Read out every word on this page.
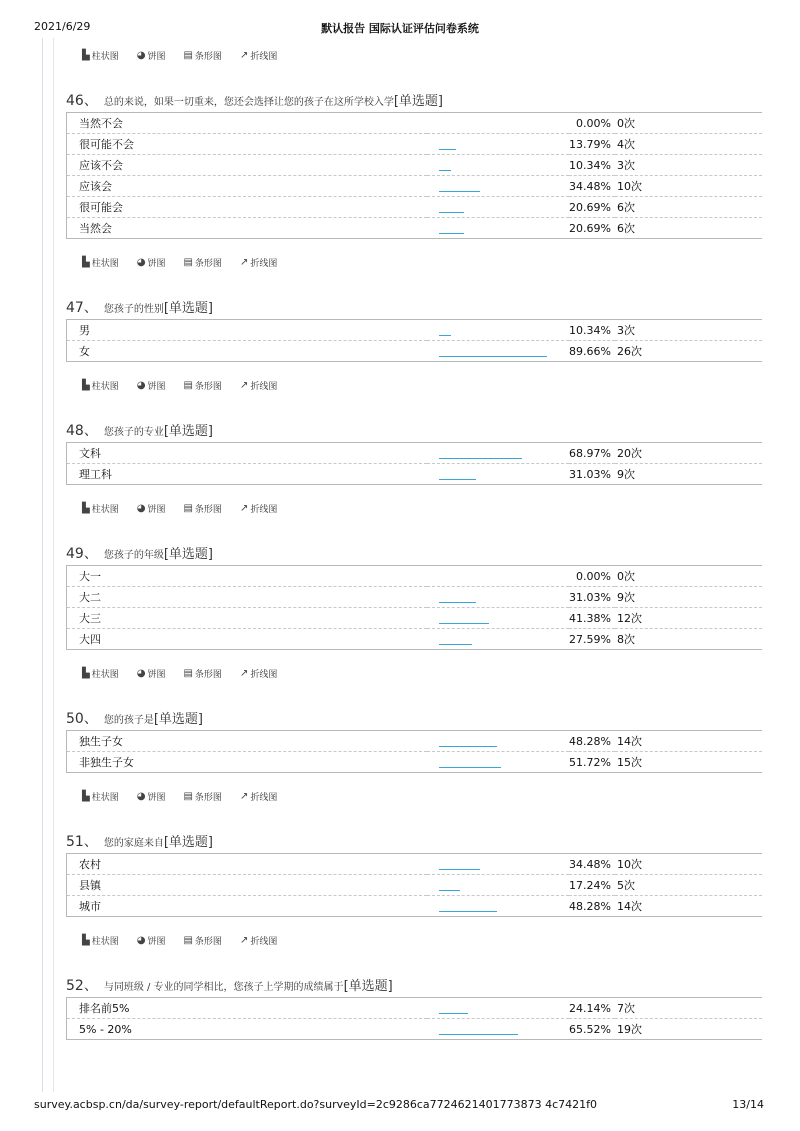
2021/6/29	默认报告 国际认证评估问卷系统
▙ 柱状图 ◕ 饼图 ▤ 条形图 ↗ 折线图
46、 总的来说，如果一切重来，您还会选择让您的孩子在这所学校入学 [单选题]
当然不会		0.00%	0次
很可能不会		13.79%	4次
应该不会		10.34%	3次
应该会		34.48%	10次
很可能会		20.69%	6次
当然会		20.69%	6次
▙ 柱状图 ◕ 饼图 ▤ 条形图 ↗ 折线图
47、 您孩子的性别 [单选题]
男		10.34%	3次
女		89.66%	26次
▙ 柱状图 ◕ 饼图 ▤ 条形图 ↗ 折线图
48、 您孩子的专业 [单选题]
文科		68.97%	20次
理工科		31.03%	9次
▙ 柱状图 ◕ 饼图 ▤ 条形图 ↗ 折线图
49、 您孩子的年级 [单选题]
大一		0.00%	0次
大二		31.03%	9次
大三		41.38%	12次
大四		27.59%	8次
▙ 柱状图 ◕ 饼图 ▤ 条形图 ↗ 折线图
50、 您的孩子是 [单选题]
独生子女		48.28%	14次
非独生子女		51.72%	15次
▙ 柱状图 ◕ 饼图 ▤ 条形图 ↗ 折线图
51、 您的家庭来自 [单选题]
农村		34.48%	10次
县镇		17.24%	5次
城市		48.28%	14次
▙ 柱状图 ◕ 饼图 ▤ 条形图 ↗ 折线图
52、 与同班级 / 专业的同学相比，您孩子上学期的成绩属于 [单选题]
排名前5%		24.14%	7次
5% - 20%		65.52%	19次
survey.acbsp.cn/da/survey-report/defaultReport.do?surveyId=2c9286ca7724621401773873 4c7421f0	13/14
